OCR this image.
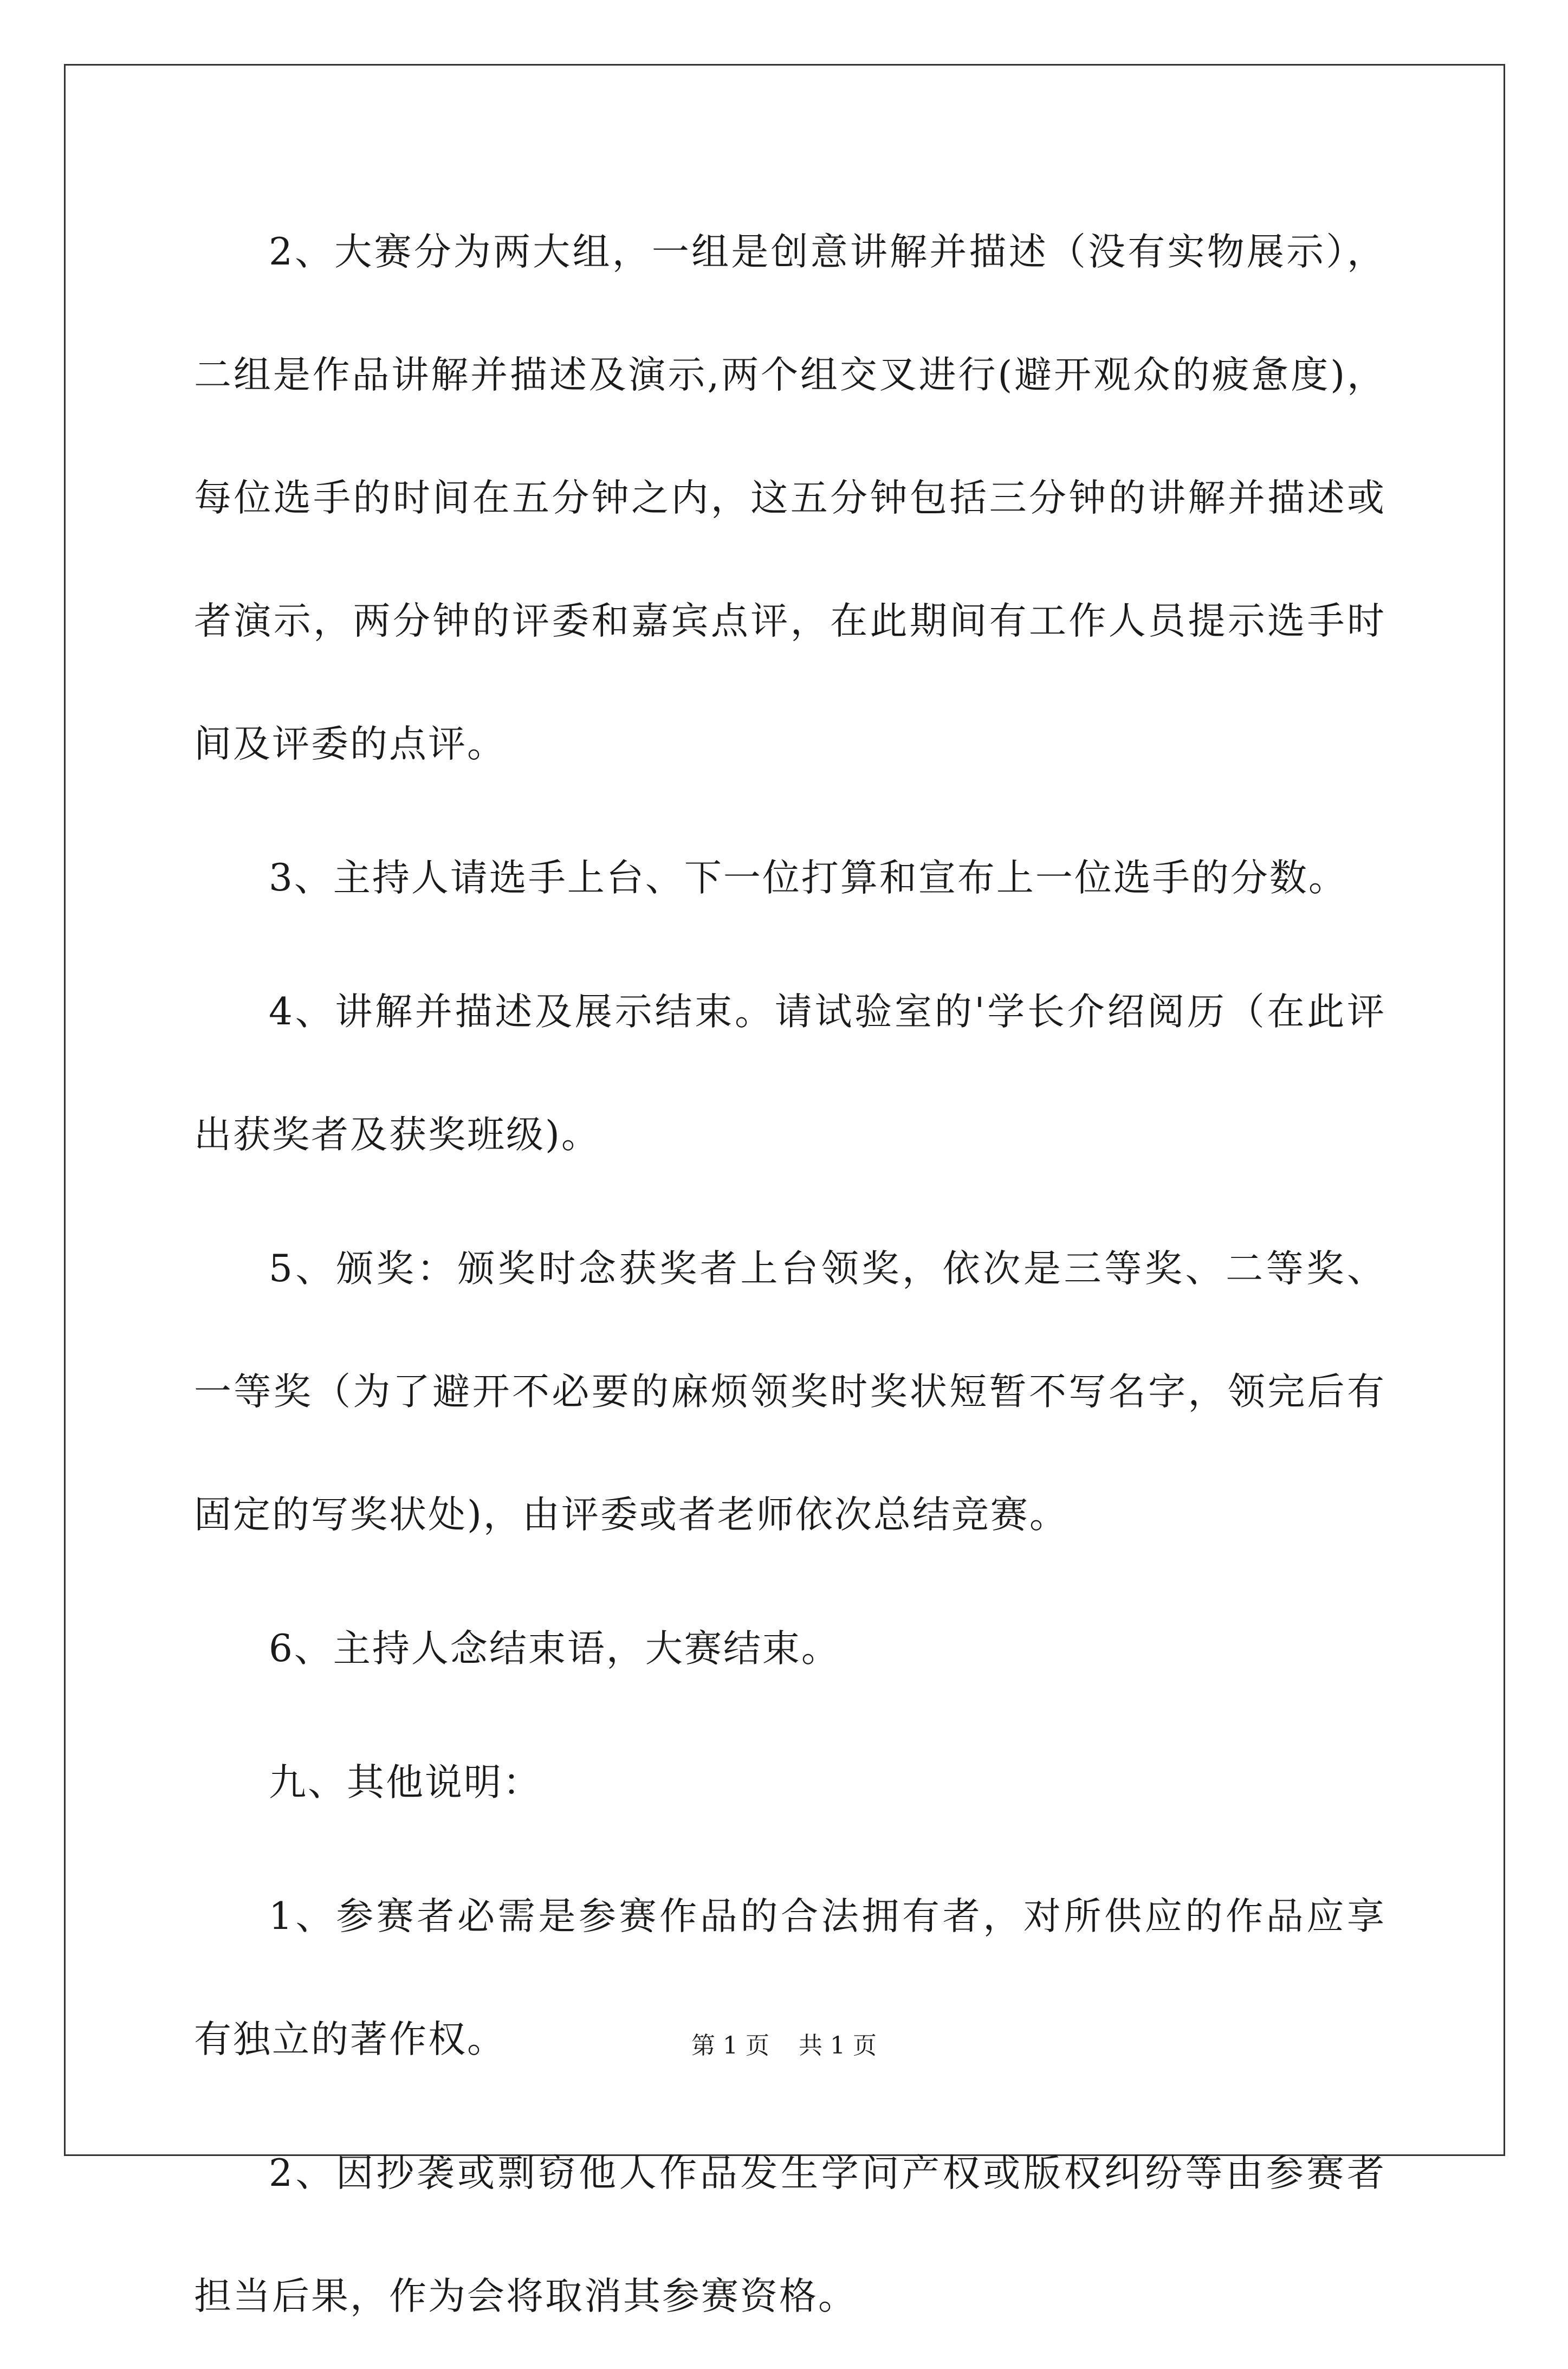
2、大赛分为两大组，一组是创意讲解并描述（没有实物展示），二组是作品讲解并描述及演示,两个组交叉进行(避开观众的疲惫度)，每位选手的时间在五分钟之内，这五分钟包括三分钟的讲解并描述或者演示，两分钟的评委和嘉宾点评，在此期间有工作人员提示选手时间及评委的点评。

3、主持人请选手上台、下一位打算和宣布上一位选手的分数。

4、讲解并描述及展示结束。请试验室的'学长介绍阅历（在此评出获奖者及获奖班级)。

5、颁奖：颁奖时念获奖者上台领奖，依次是三等奖、二等奖、一等奖（为了避开不必要的麻烦领奖时奖状短暂不写名字，领完后有固定的写奖状处)，由评委或者老师依次总结竞赛。

6、主持人念结束语，大赛结束。

九、其他说明：

1、参赛者必需是参赛作品的合法拥有者，对所供应的作品应享有独立的著作权。

2、因抄袭或剽窃他人作品发生学问产权或版权纠纷等由参赛者担当后果，作为会将取消其参赛资格。

第 1 页 共 1 页
